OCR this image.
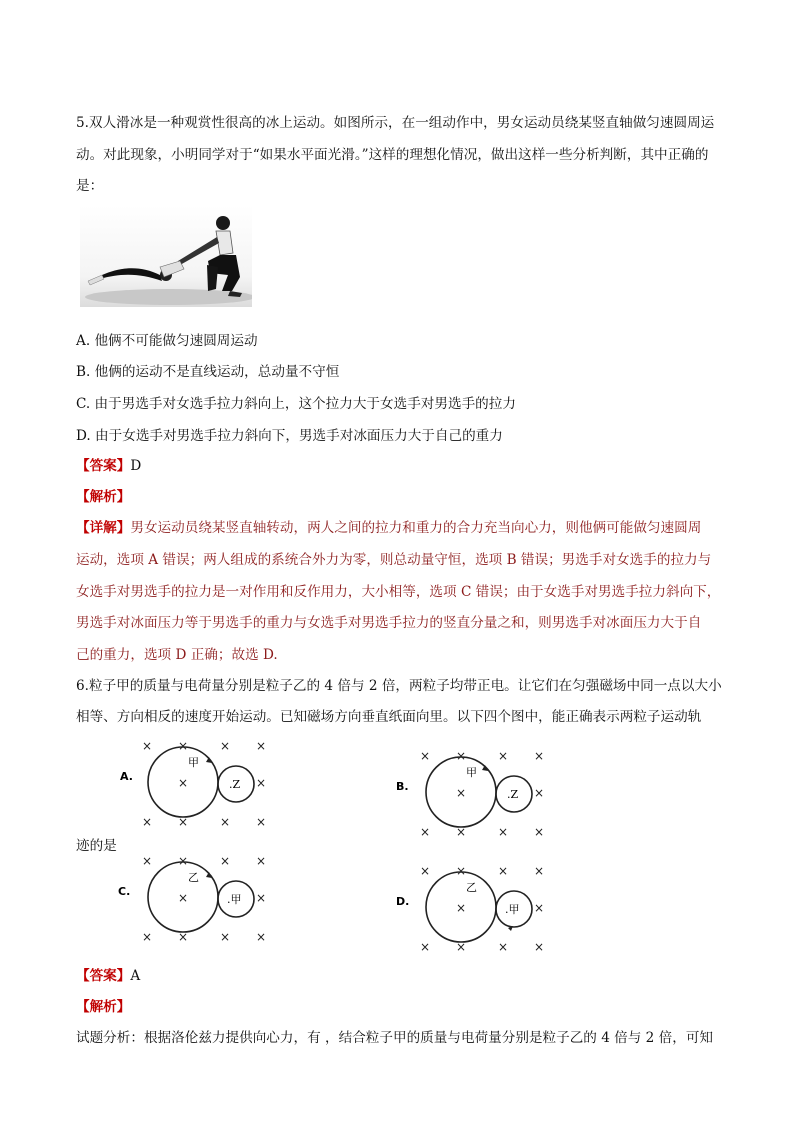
5.双人滑冰是一种观赏性很高的冰上运动。如图所示，在一组动作中，男女运动员绕某竖直轴做匀速圆周运
动。对此现象，小明同学对于“如果水平面光滑。”这样的理想化情况，做出这样一些分析判断，其中正确的
是：
A. 他俩不可能做匀速圆周运动
B. 他俩的运动不是直线运动，总动量不守恒
C. 由于男选手对女选手拉力斜向上，这个拉力大于女选手对男选手的拉力
D. 由于女选手对男选手拉力斜向下，男选手对冰面压力大于自己的重力
【答案】D
【解析】
【详解】男女运动员绕某竖直轴转动，两人之间的拉力和重力的合力充当向心力，则他俩可能做匀速圆周
运动，选项 A 错误；两人组成的系统合外力为零，则总动量守恒，选项 B 错误；男选手对女选手的拉力与
女选手对男选手的拉力是一对作用和反作用力，大小相等，选项 C 错误；由于女选手对男选手拉力斜向下，
男选手对冰面压力等于男选手的重力与女选手对男选手拉力的竖直分量之和，则男选手对冰面压力大于自
己的重力，选项 D 正确；故选 D.
6.粒子甲的质量与电荷量分别是粒子乙的 4 倍与 2 倍，两粒子均带正电。让它们在匀强磁场中同一点以大小
相等、方向相反的速度开始运动。已知磁场方向垂直纸面向里。以下四个图中，能正确表示两粒子运动轨
迹的是
× ×	× ×
×	×
× ×	× ×
A.
甲
.Z
× ×	× ×
×	×
× ×	× ×
B.
甲
.Z
× ×	× ×
×	×
× ×	× ×
C.
乙
.甲
× ×	× ×
×	×
× ×	× ×
D.
乙
.甲
【答案】A
【解析】
试题分析：根据洛伦兹力提供向心力，有 ，结合粒子甲的质量与电荷量分别是粒子乙的 4 倍与 2 倍，可知
